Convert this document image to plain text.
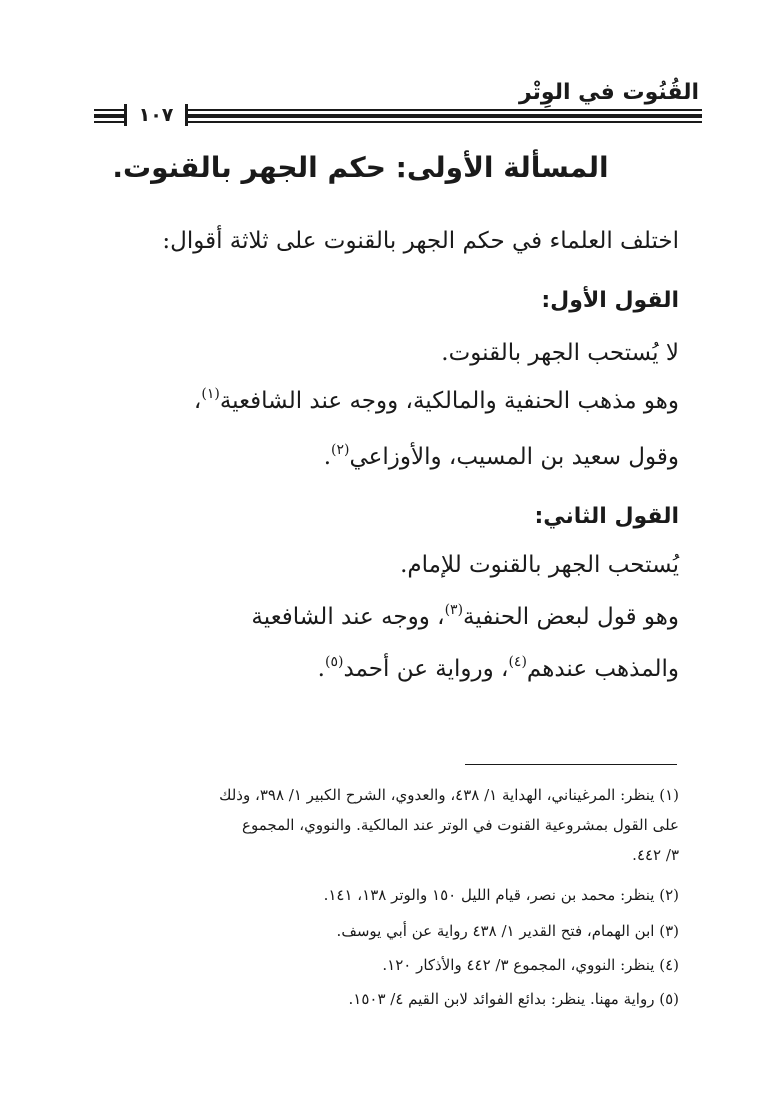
القُنُوت في الوِتْر
١٠٧
المسألة الأولى: حكم الجهر بالقنوت.
اختلف العلماء في حكم الجهر بالقنوت على ثلاثة أقوال:
القول الأول:
لا يُستحب الجهر بالقنوت.
وهو مذهب الحنفية والمالكية، ووجه عند الشافعية$^{(١)}$،
وقول سعيد بن المسيب، والأوزاعي$^{(٢)}$.
القول الثاني:
يُستحب الجهر بالقنوت للإمام.
وهو قول لبعض الحنفية$^{(٣)}$، ووجه عند الشافعية
والمذهب عندهم$^{(٤)}$، ورواية عن أحمد$^{(٥)}$.
(١) ينظر: المرغيناني، الهداية ١/ ٤٣٨، والعدوي، الشرح الكبير ١/ ٣٩٨، وذلك
على القول بمشروعية القنوت في الوتر عند المالكية. والنووي، المجموع
٣/ ٤٤٢.
(٢) ينظر: محمد بن نصر، قيام الليل ١٥٠ والوتر ١٣٨، ١٤١.
(٣) ابن الهمام، فتح القدير ١/ ٤٣٨ رواية عن أبي يوسف.
(٤) ينظر: النووي، المجموع ٣/ ٤٤٢ والأذكار ١٢٠.
(٥) رواية مهنا. ينظر: بدائع الفوائد لابن القيم ٤/ ١٥٠٣.
